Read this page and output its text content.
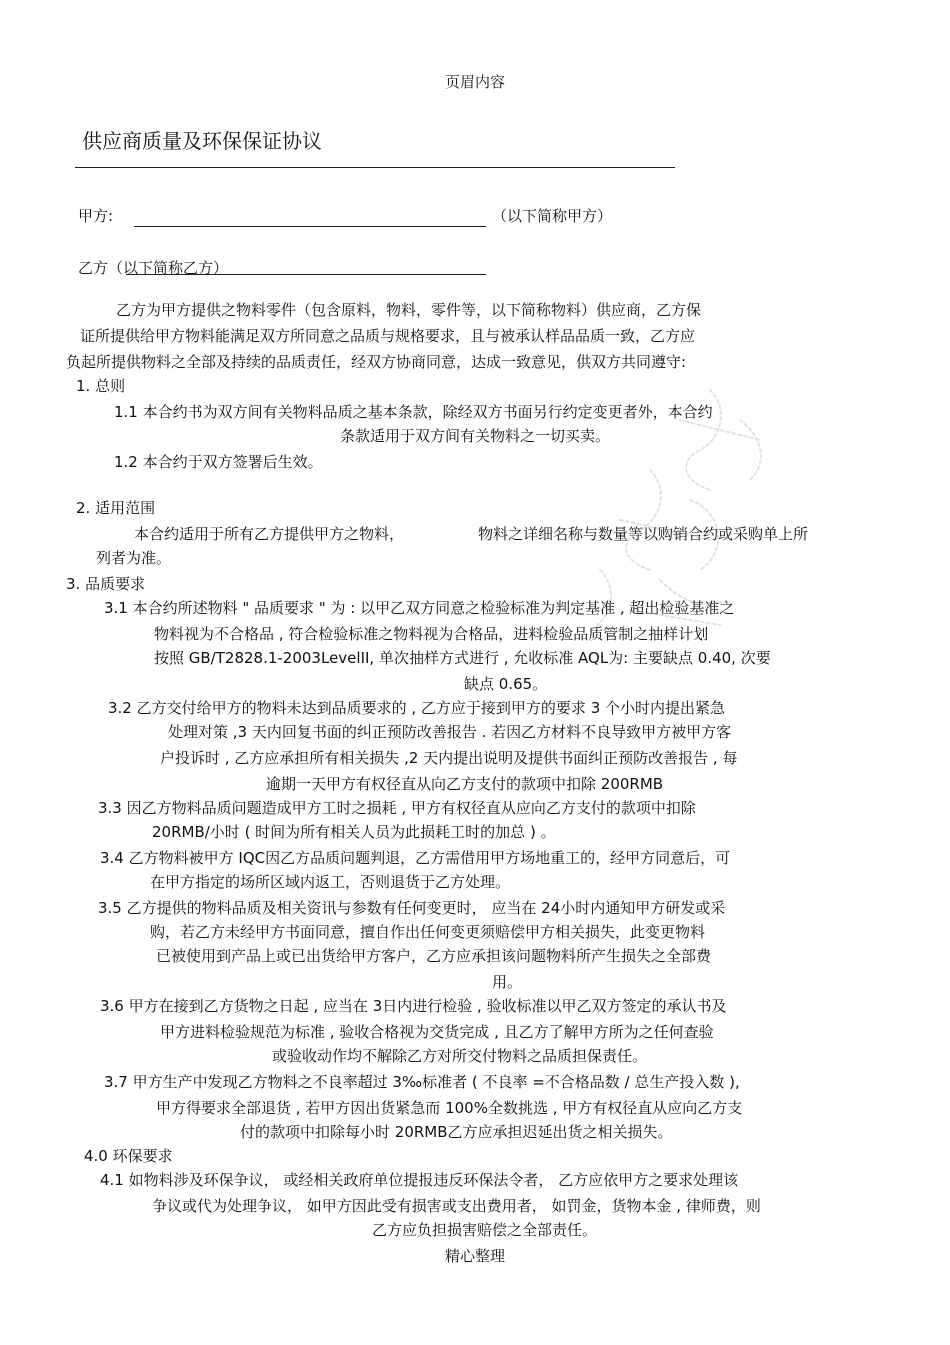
页眉内容
供应商质量及环保保证协议
甲方:	（以下简称甲方）
乙方（以下简称乙方）
乙方为甲方提供之物料零件（包含原料，物料，零件等，以下简称物料）供应商，乙方保
证所提供给甲方物料能满足双方所同意之品质与规格要求，且与被承认样品品质一致，乙方应
负起所提供物料之全部及持续的品质责任，经双方协商同意，达成一致意见，供双方共同遵守:
1. 总则
1.1 本合约书为双方间有关物料品质之基本条款，除经双方书面另行约定变更者外，本合约
条款适用于双方间有关物料之一切买卖。
1.2 本合约于双方签署后生效。
2. 适用范围
本合约适用于所有乙方提供甲方之物料，	物料之详细名称与数量等以购销合约或采购单上所
列者为准。
3. 品质要求
3.1 本合约所述物料 " 品质要求 " 为 : 以甲乙双方同意之检验标准为判定基准 , 超出检验基准之
物料视为不合格品 , 符合检验标准之物料视为合格品，进料检验品质管制之抽样计划
按照 GB/T2828.1-2003LevelII, 单次抽样方式进行 , 允收标准 AQL为: 主要缺点 0.40, 次要
缺点 0.65。
3.2 乙方交付给甲方的物料未达到品质要求的 , 乙方应于接到甲方的要求 3 个小时内提出紧急
处理对策 ,3 天内回复书面的纠正预防改善报告 . 若因乙方材料不良导致甲方被甲方客
户投诉时 , 乙方应承担所有相关损失 ,2 天内提出说明及提供书面纠正预防改善报告 , 每
逾期一天甲方有权径直从向乙方支付的款项中扣除 200RMB
3.3 因乙方物料品质问题造成甲方工时之损耗 , 甲方有权径直从应向乙方支付的款项中扣除
20RMB/小时 ( 时间为所有相关人员为此损耗工时的加总 ) 。
3.4 乙方物料被甲方 IQC因乙方品质问题判退，乙方需借用甲方场地重工的，经甲方同意后，可
在甲方指定的场所区域内返工，否则退货于乙方处理。
3.5 乙方提供的物料品质及相关资讯与参数有任何变更时， 应当在 24小时内通知甲方研发或采
购，若乙方未经甲方书面同意，擅自作出任何变更须赔偿甲方相关损失，此变更物料
已被使用到产品上或已出货给甲方客户，乙方应承担该问题物料所产生损失之全部费
用。
3.6 甲方在接到乙方货物之日起 , 应当在 3日内进行检验 , 验收标准以甲乙双方签定的承认书及
甲方进料检验规范为标准 , 验收合格视为交货完成 , 且乙方了解甲方所为之任何查验
或验收动作均不解除乙方对所交付物料之品质担保责任。
3.7 甲方生产中发现乙方物料之不良率超过 3‰标准者 ( 不良率 =不合格品数 / 总生产投入数 ),
甲方得要求全部退货 , 若甲方因出货紧急而 100%全数挑选 , 甲方有权径直从应向乙方支
付的款项中扣除每小时 20RMB乙方应承担迟延出货之相关损失。
4.0 环保要求
4.1 如物料涉及环保争议， 或经相关政府单位提报违反环保法令者， 乙方应依甲方之要求处理该
争议或代为处理争议， 如甲方因此受有损害或支出费用者， 如罚金，货物本金 , 律师费，则
乙方应负担损害赔偿之全部责任。
精心整理
